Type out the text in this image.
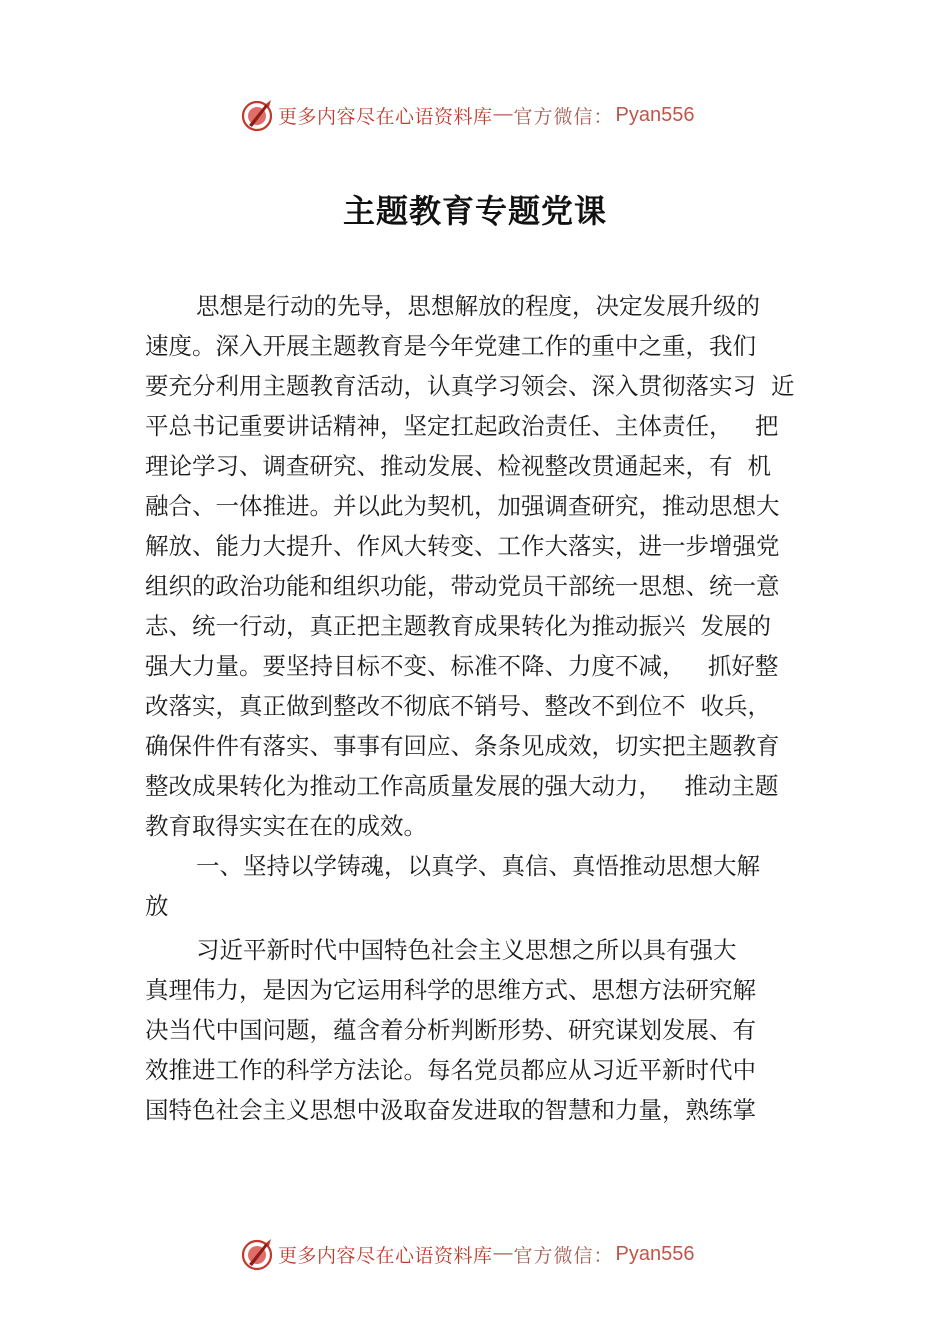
更多内容尽在心语资料库 — 官方微信： Pyan556
主题教育专题党课
思想是行动的先导，思想解放的程度，决定发展升级的
速度。深入开展主题教育是今年党建工作的重中之重，我们
要充分利用主题教育活动，认真学习领会、深入贯彻落实习  近
平总书记重要讲话精神，坚定扛起政治责任、主体责任，   把
理论学习、调查研究、推动发展、检视整改贯通起来，有  机
融合、一体推进。并以此为契机，加强调查研究，推动思想大
解放、能力大提升、作风大转变、工作大落实，进一步增强党
组织的政治功能和组织功能，带动党员干部统一思想、统一意
志、统一行动，真正把主题教育成果转化为推动振兴  发展的
强大力量。要坚持目标不变、标准不降、力度不减，   抓好整
改落实，真正做到整改不彻底不销号、整改不到位不  收兵，
确保件件有落实、事事有回应、条条见成效，切实把主题教育
整改成果转化为推动工作高质量发展的强大动力，   推动主题
教育取得实实在在的成效。
一、坚持以学铸魂，以真学、真信、真悟推动思想大解
放
习近平新时代中国特色社会主义思想之所以具有强大
真理伟力，是因为它运用科学的思维方式、思想方法研究解
决当代中国问题，蕴含着分析判断形势、研究谋划发展、有
效推进工作的科学方法论。每名党员都应从习近平新时代中
国特色社会主义思想中汲取奋发进取的智慧和力量，熟练掌
更多内容尽在心语资料库 — 官方微信： Pyan556
